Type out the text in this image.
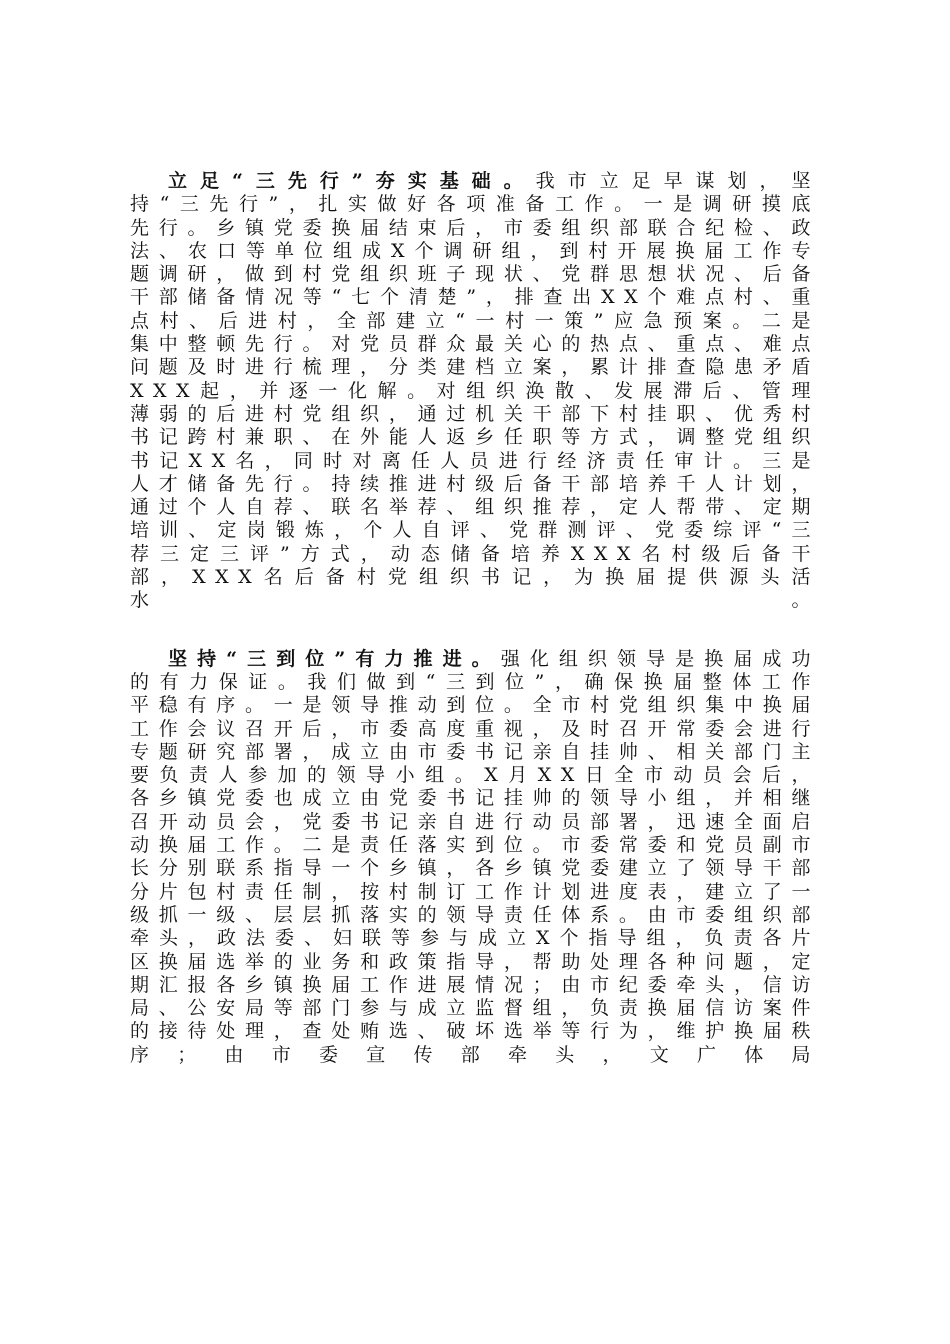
立足“三先行”夯实基础。我市立足早谋划，坚持“三先行”，扎实做好各项准备工作。一是调研摸底先行。乡镇党委换届结束后，市委组织部联合纪检、政法、农口等单位组成X个调研组，到村开展换届工作专题调研，做到村党组织班子现状、党群思想状况、后备干部储备情况等“七个清楚”，排查出XX个难点村、重点村、后进村，全部建立“一村一策”应急预案。二是集中整顿先行。对党员群众最关心的热点、重点、难点问题及时进行梳理，分类建档立案，累计排查隐患矛盾XXX起，并逐一化解。对组织涣散、发展滞后、管理薄弱的后进村党组织，通过机关干部下村挂职、优秀村书记跨村兼职、在外能人返乡任职等方式，调整党组织书记XX名，同时对离任人员进行经济责任审计。三是人才储备先行。持续推进村级后备干部培养千人计划，通过个人自荐、联名举荐、组织推荐，定人帮带、定期培训、定岗锻炼，个人自评、党群测评、党委综评“三荐三定三评”方式，动态储备培养XXX名村级后备干部，XXX名后备村党组织书记，为换届提供源头活水。

坚持“三到位”有力推进。强化组织领导是换届成功的有力保证。我们做到“三到位”，确保换届整体工作平稳有序。一是领导推动到位。全市村党组织集中换届工作会议召开后，市委高度重视，及时召开常委会进行专题研究部署，成立由市委书记亲自挂帅、相关部门主要负责人参加的领导小组。X月XX日全市动员会后，各乡镇党委也成立由党委书记挂帅的领导小组，并相继召开动员会，党委书记亲自进行动员部署，迅速全面启动换届工作。二是责任落实到位。市委常委和党员副市长分别联系指导一个乡镇，各乡镇党委建立了领导干部分片包村责任制，按村制订工作计划进度表，建立了一级抓一级、层层抓落实的领导责任体系。由市委组织部牵头，政法委、妇联等参与成立X个指导组，负责各片区换届选举的业务和政策指导，帮助处理各种问题，定期汇报各乡镇换届工作进展情况；由市纪委牵头，信访局、公安局等部门参与成立监督组，负责换届信访案件的接待处理，查处贿选、破坏选举等行为，维护换届秩序；由市委宣传部牵头，文广体局
